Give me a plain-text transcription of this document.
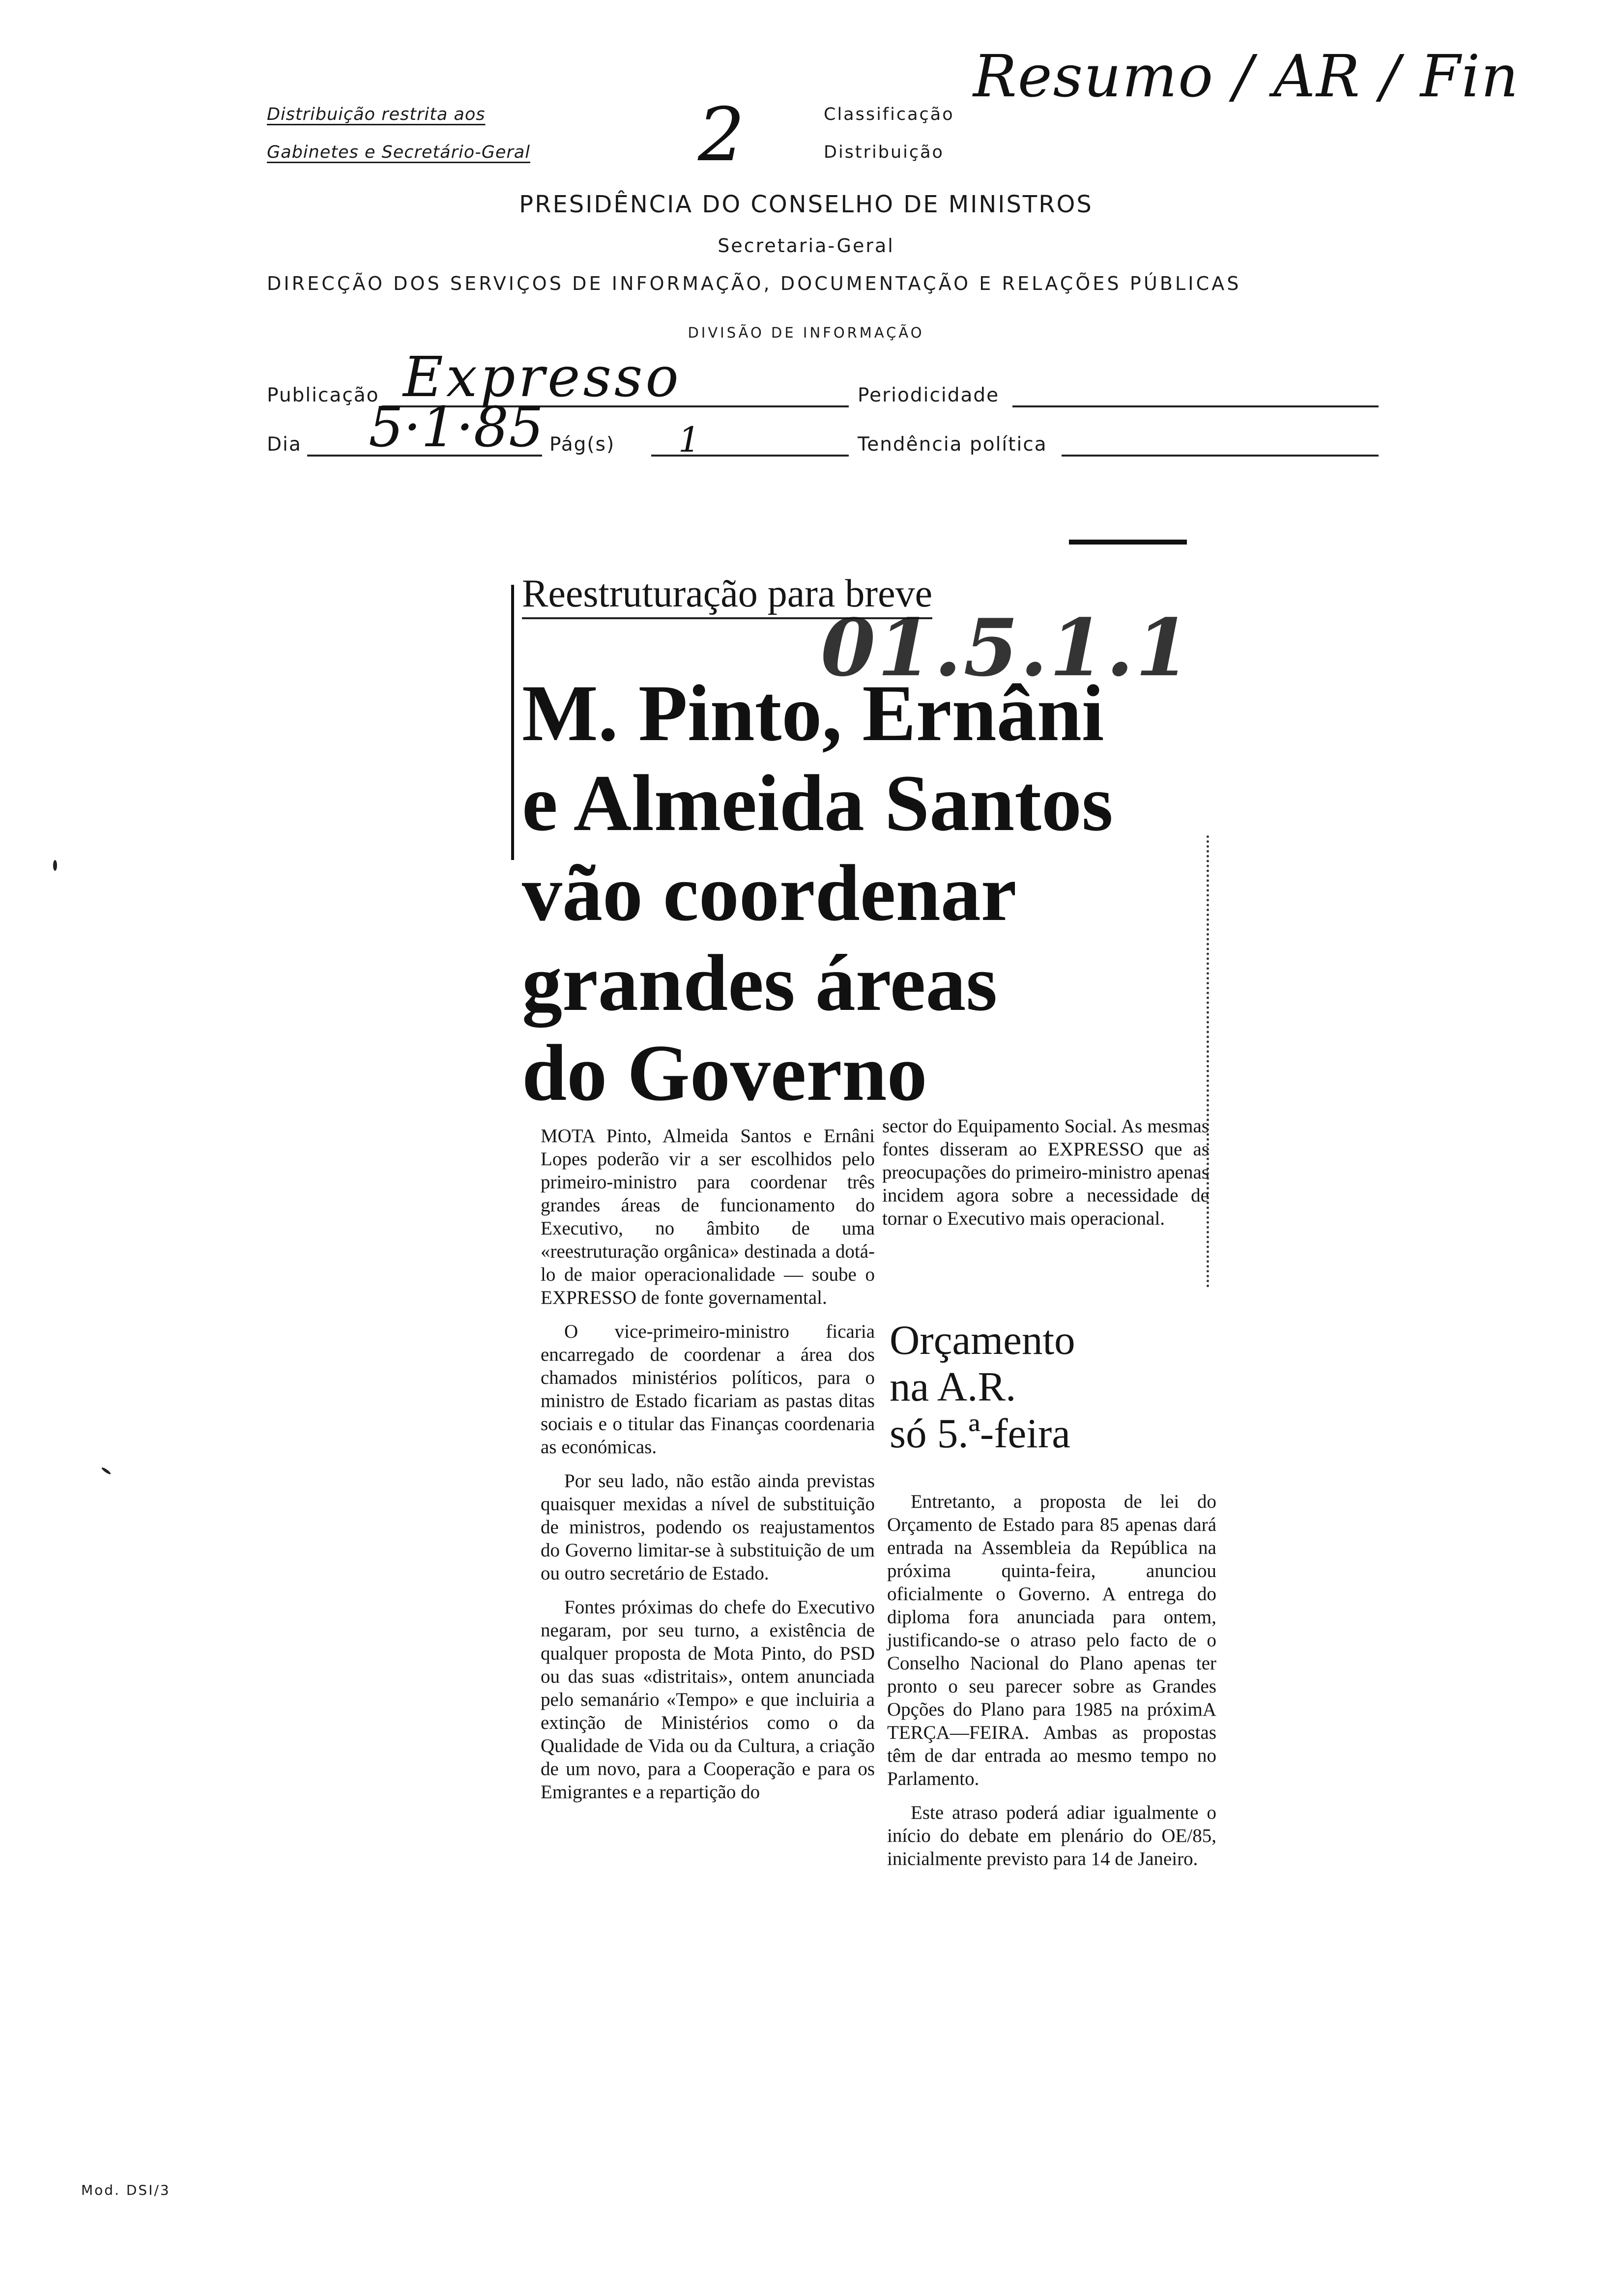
Distribuição restrita aos
Gabinetes e Secretário-Geral 2	Classificação
Distribuição
Resumo / AR / Fin
PRESIDÊNCIA DO CONSELHO DE MINISTROS
Secretaria-Geral
DIRECÇÃO DOS SERVIÇOS DE INFORMAÇÃO, DOCUMENTAÇÃO E RELAÇÕES PÚBLICAS
DIVISÃO DE INFORMAÇÃO
Publicação Expresso	Periodicidade
Dia 5·1·85 Pág(s) 1	Tendência política
Reestruturação para breve
01.5.1.1
M. Pinto, Ernâni
e Almeida Santos
vão coordenar
grandes áreas
do Governo

MOTA Pinto, Almeida Santos e Ernâni Lopes poderão vir a ser escolhidos pelo primeiro-ministro para coordenar três grandes áreas de funcionamento do Executivo, no âmbito de uma «reestruturação orgânica» destinada a dotá-lo de maior operacionalidade — soube o EXPRESSO de fonte governamental.

O vice-primeiro-ministro ficaria encarregado de coordenar a área dos chamados ministérios políticos, para o ministro de Estado ficariam as pastas ditas sociais e o titular das Finanças coordenaria as económicas.

Por seu lado, não estão ainda previstas quaisquer mexidas a nível de substituição de ministros, podendo os reajustamentos do Governo limitar-se à substituição de um ou outro secretário de Estado.

Fontes próximas do chefe do Executivo negaram, por seu turno, a existência de qualquer proposta de Mota Pinto, do PSD ou das suas «distritais», ontem anunciada pelo semanário «Tempo» e que incluiria a extinção de Ministérios como o da Qualidade de Vida ou da Cultura, a criação de um novo, para a Cooperação e para os Emigrantes e a repartição do

sector do Equipamento Social. As mesmas fontes disseram ao EXPRESSO que as preocupações do primeiro-ministro apenas incidem agora sobre a necessidade de tornar o Executivo mais operacional.

Orçamento
na A.R.
só 5.ª-feira

Entretanto, a proposta de lei do Orçamento de Estado para 85 apenas dará entrada na Assembleia da República na próxima quinta-feira, anunciou oficialmente o Governo. A entrega do diploma fora anunciada para ontem, justificando-se o atraso pelo facto de o Conselho Nacional do Plano apenas ter pronto o seu parecer sobre as Grandes Opções do Plano para 1985 na próximA TERÇA—FEIRA. Ambas as propostas têm de dar entrada ao mesmo tempo no Parlamento.

Este atraso poderá adiar igualmente o início do debate em plenário do OE/85, inicialmente previsto para 14 de Janeiro.

Mod. DSI/3
